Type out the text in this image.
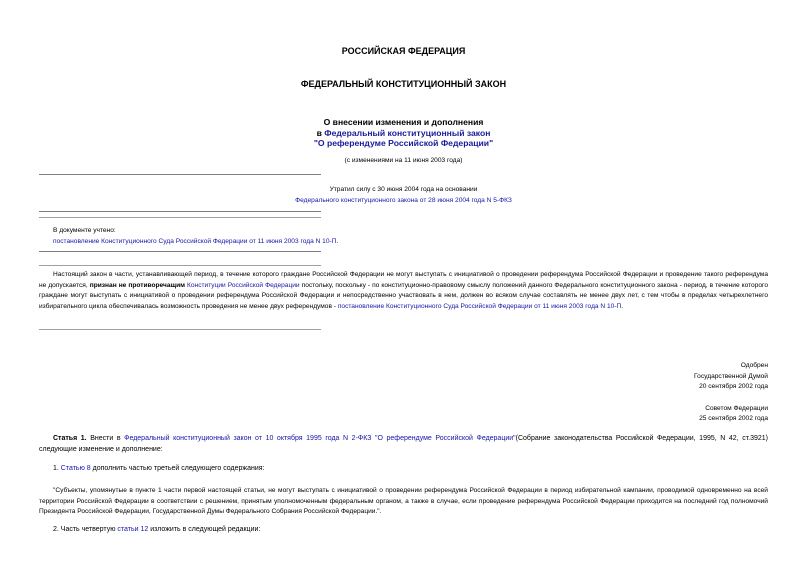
РОССИЙСКАЯ ФЕДЕРАЦИЯ
ФЕДЕРАЛЬНЫЙ КОНСТИТУЦИОННЫЙ ЗАКОН
О внесении изменения и дополнения
в Федеральный конституционный закон
"О референдуме Российской Федерации"
(с изменениями на 11 июня 2003 года)
Утратил силу с 30 июня 2004 года на основании
Федерального конституционного закона от 28 июня 2004 года N 5-ФКЗ
В документе учтено:
постановление Конституционного Суда Российской Федерации от 11 июня 2003 года N 10-П.
Настоящий закон в части, устанавливающей период, в течение которого граждане Российской Федерации не могут выступать с инициативой о проведении референдума Российской Федерации и проведение такого референдума не допускается, признан не противоречащим Конституции Российской Федерации постольку, поскольку - по конституционно-правовому смыслу положений данного Федерального конституционного закона - период, в течение которого граждане могут выступать с инициативой о проведении референдума Российской Федерации и непосредственно участвовать в нем, должен во всяком случае составлять не менее двух лет, с тем чтобы в пределах четырехлетнего избирательного цикла обеспечивалась возможность проведения не менее двух референдумов - постановление Конституционного Суда Российской Федерации от 11 июня 2003 года N 10-П.
Одобрен
Государственной Думой
20 сентября 2002 года
Советом Федерации
25 сентября 2002 года
Статья 1. Внести в Федеральный конституционный закон от 10 октября 1995 года N 2-ФКЗ "О референдуме Российской Федерации"(Собрание законодательства Российской Федерации, 1995, N 42, ст.3921) следующие изменение и дополнение:
1. Статью 8 дополнить частью третьей следующего содержания:
"Субъекты, упомянутые в пункте 1 части первой настоящей статьи, не могут выступать с инициативой о проведении референдума Российской Федерации в период избирательной кампании, проводимой одновременно на всей территории Российской Федерации в соответствии с решением, принятым уполномоченным федеральным органом, а также в случае, если проведение референдума Российской Федерации приходится на последний год полномочий Президента Российской Федерации, Государственной Думы Федерального Собрания Российской Федерации.".
2. Часть четвертую статьи 12 изложить в следующей редакции:
